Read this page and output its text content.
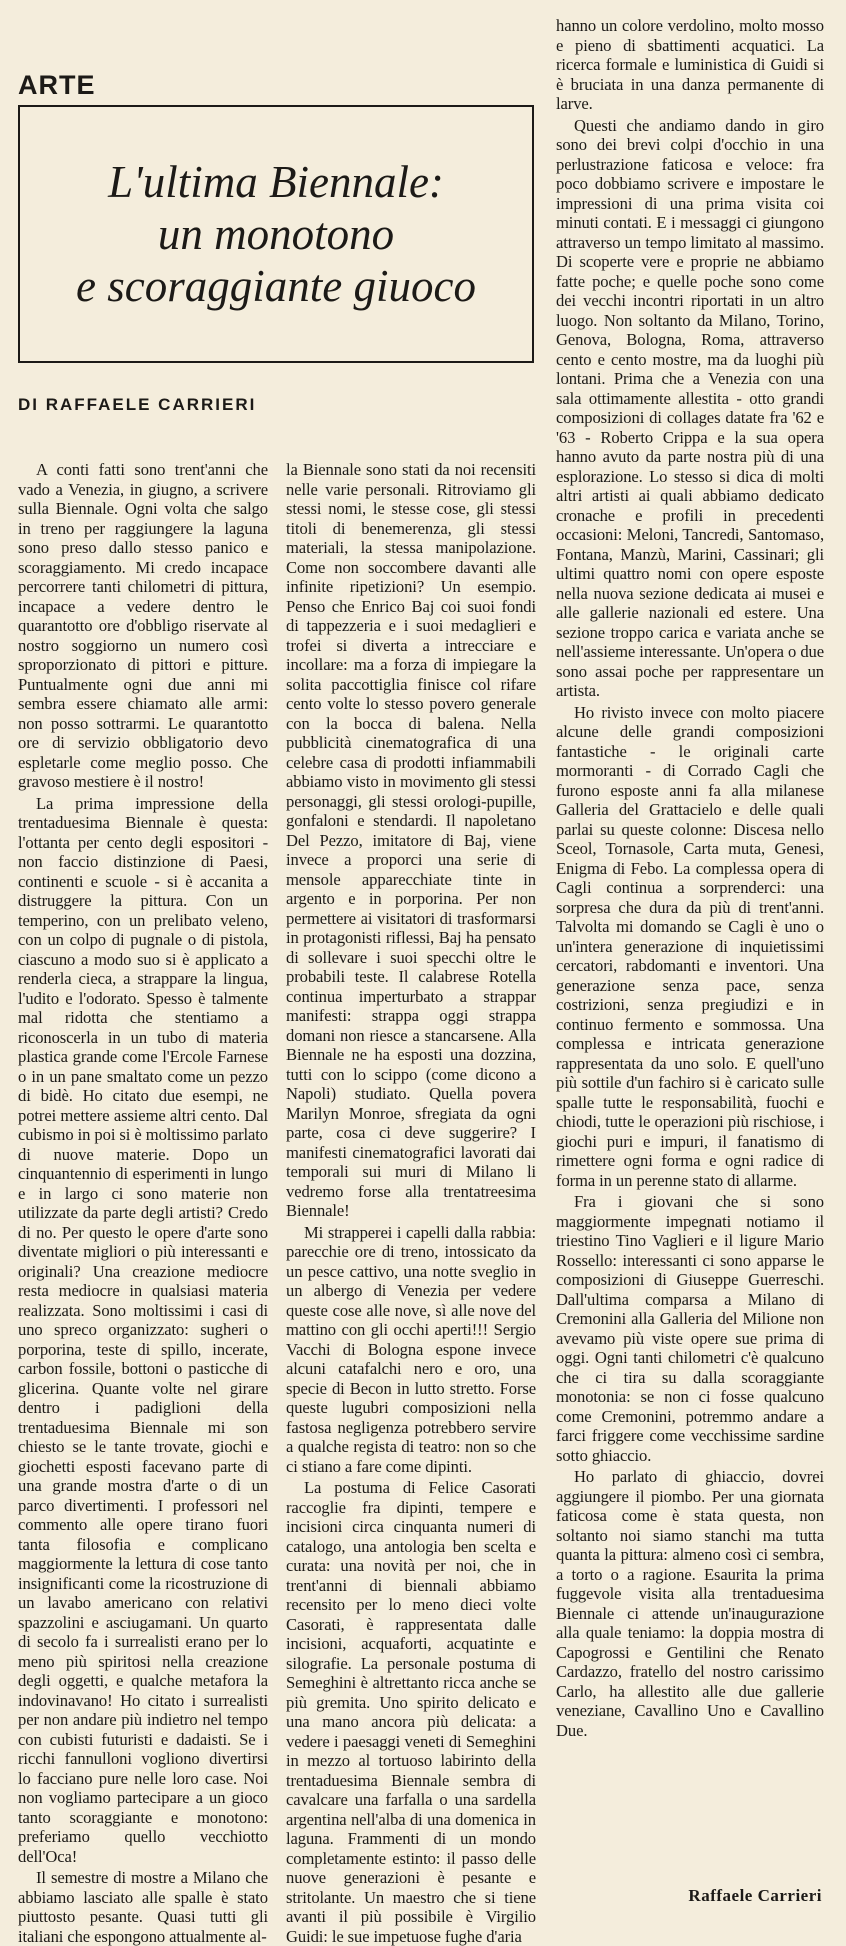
ARTE
L'ultima Biennale:
un monotono
e scoraggiante giuoco
DI RAFFAELE CARRIERI

A conti fatti sono trent'anni che vado a Venezia, in giugno, a scrivere sulla Biennale. Ogni volta che salgo in treno per raggiungere la laguna sono preso dallo stesso panico e scoraggiamento. Mi credo incapace percorrere tanti chilometri di pittura, incapace a vedere dentro le quarantotto ore d'obbligo riservate al nostro soggiorno un numero così sproporzionato di pittori e pitture. Puntualmente ogni due anni mi sembra essere chiamato alle armi: non posso sottrarmi. Le quarantotto ore di servizio obbligatorio devo espletarle come meglio posso. Che gravoso mestiere è il nostro!

La prima impressione della trentaduesima Biennale è questa: l'ottanta per cento degli espositori - non faccio distinzione di Paesi, continenti e scuole - si è accanita a distruggere la pittura. Con un temperino, con un prelibato veleno, con un colpo di pugnale o di pistola, ciascuno a modo suo si è applicato a renderla cieca, a strappare la lingua, l'udito e l'odorato. Spesso è talmente mal ridotta che stentiamo a riconoscerla in un tubo di materia plastica grande come l'Ercole Farnese o in un pane smaltato come un pezzo di bidè. Ho citato due esempi, ne potrei mettere assieme altri cento. Dal cubismo in poi si è moltissimo parlato di nuove materie. Dopo un cinquantennio di esperimenti in lungo e in largo ci sono materie non utilizzate da parte degli artisti? Credo di no. Per questo le opere d'arte sono diventate migliori o più interessanti e originali? Una creazione mediocre resta mediocre in qualsiasi materia realizzata. Sono moltissimi i casi di uno spreco organizzato: sugheri o porporina, teste di spillo, incerate, carbon fossile, bottoni o pasticche di glicerina. Quante volte nel girare dentro i padiglioni della trentaduesima Biennale mi son chiesto se le tante trovate, giochi e giochetti esposti facevano parte di una grande mostra d'arte o di un parco divertimenti. I professori nel commento alle opere tirano fuori tanta filosofia e complicano maggiormente la lettura di cose tanto insignificanti come la ricostruzione di un lavabo americano con relativi spazzolini e asciugamani. Un quarto di secolo fa i surrealisti erano per lo meno più spiritosi nella creazione degli oggetti, e qualche metafora la indovinavano! Ho citato i surrealisti per non andare più indietro nel tempo con cubisti futuristi e dadaisti. Se i ricchi fannulloni vogliono divertirsi lo facciano pure nelle loro case. Noi non vogliamo partecipare a un gioco tanto scoraggiante e monotono: preferiamo quello vecchiotto dell'Oca!

Il semestre di mostre a Milano che abbiamo lasciato alle spalle è stato piuttosto pesante. Quasi tutti gli italiani che espongono attualmente al-

la Biennale sono stati da noi recensiti nelle varie personali. Ritroviamo gli stessi nomi, le stesse cose, gli stessi titoli di benemerenza, gli stessi materiali, la stessa manipolazione. Come non soccombere davanti alle infinite ripetizioni? Un esempio. Penso che Enrico Baj coi suoi fondi di tappezzeria e i suoi medaglieri e trofei si diverta a intrecciare e incollare: ma a forza di impiegare la solita paccottiglia finisce col rifare cento volte lo stesso povero generale con la bocca di balena. Nella pubblicità cinematografica di una celebre casa di prodotti infiammabili abbiamo visto in movimento gli stessi personaggi, gli stessi orologi-pupille, gonfaloni e stendardi. Il napoletano Del Pezzo, imitatore di Baj, viene invece a proporci una serie di mensole apparecchiate tinte in argento e in porporina. Per non permettere ai visitatori di trasformarsi in protagonisti riflessi, Baj ha pensato di sollevare i suoi specchi oltre le probabili teste. Il calabrese Rotella continua imperturbato a strappar manifesti: strappa oggi strappa domani non riesce a stancarsene. Alla Biennale ne ha esposti una dozzina, tutti con lo scippo (come dicono a Napoli) studiato. Quella povera Marilyn Monroe, sfregiata da ogni parte, cosa ci deve suggerire? I manifesti cinematografici lavorati dai temporali sui muri di Milano li vedremo forse alla trentatreesima Biennale!

Mi strapperei i capelli dalla rabbia: parecchie ore di treno, intossicato da un pesce cattivo, una notte sveglio in un albergo di Venezia per vedere queste cose alle nove, sì alle nove del mattino con gli occhi aperti!!! Sergio Vacchi di Bologna espone invece alcuni catafalchi nero e oro, una specie di Becon in lutto stretto. Forse queste lugubri composizioni nella fastosa negligenza potrebbero servire a qualche regista di teatro: non so che ci stiano a fare come dipinti.

La postuma di Felice Casorati raccoglie fra dipinti, tempere e incisioni circa cinquanta numeri di catalogo, una antologia ben scelta e curata: una novità per noi, che in trent'anni di biennali abbiamo recensito per lo meno dieci volte Casorati, è rappresentata dalle incisioni, acquaforti, acquatinte e silografie. La personale postuma di Semeghini è altrettanto ricca anche se più gremita. Uno spirito delicato e una mano ancora più delicata: a vedere i paesaggi veneti di Semeghini in mezzo al tortuoso labirinto della trentaduesima Biennale sembra di cavalcare una farfalla o una sardella argentina nell'alba di una domenica in laguna. Frammenti di un mondo completamente estinto: il passo delle nuove generazioni è pesante e stritolante. Un maestro che si tiene avanti il più possibile è Virgilio Guidi: le sue impetuose fughe d'aria

hanno un colore verdolino, molto mosso e pieno di sbattimenti acquatici. La ricerca formale e luministica di Guidi si è bruciata in una danza permanente di larve.

Questi che andiamo dando in giro sono dei brevi colpi d'occhio in una perlustrazione faticosa e veloce: fra poco dobbiamo scrivere e impostare le impressioni di una prima visita coi minuti contati. E i messaggi ci giungono attraverso un tempo limitato al massimo. Di scoperte vere e proprie ne abbiamo fatte poche; e quelle poche sono come dei vecchi incontri riportati in un altro luogo. Non soltanto da Milano, Torino, Genova, Bologna, Roma, attraverso cento e cento mostre, ma da luoghi più lontani. Prima che a Venezia con una sala ottimamente allestita - otto grandi composizioni di collages datate fra '62 e '63 - Roberto Crippa e la sua opera hanno avuto da parte nostra più di una esplorazione. Lo stesso si dica di molti altri artisti ai quali abbiamo dedicato cronache e profili in precedenti occasioni: Meloni, Tancredi, Santomaso, Fontana, Manzù, Marini, Cassinari; gli ultimi quattro nomi con opere esposte nella nuova sezione dedicata ai musei e alle gallerie nazionali ed estere. Una sezione troppo carica e variata anche se nell'assieme interessante. Un'opera o due sono assai poche per rappresentare un artista.

Ho rivisto invece con molto piacere alcune delle grandi composizioni fantastiche - le originali carte mormoranti - di Corrado Cagli che furono esposte anni fa alla milanese Galleria del Grattacielo e delle quali parlai su queste colonne: Discesa nello Sceol, Tornasole, Carta muta, Genesi, Enigma di Febo. La complessa opera di Cagli continua a sorprenderci: una sorpresa che dura da più di trent'anni. Talvolta mi domando se Cagli è uno o un'intera generazione di inquietissimi cercatori, rabdomanti e inventori. Una generazione senza pace, senza costrizioni, senza pregiudizi e in continuo fermento e sommossa. Una complessa e intricata generazione rappresentata da uno solo. E quell'uno più sottile d'un fachiro si è caricato sulle spalle tutte le responsabilità, fuochi e chiodi, tutte le operazioni più rischiose, i giochi puri e impuri, il fanatismo di rimettere ogni forma e ogni radice di forma in un perenne stato di allarme.

Fra i giovani che si sono maggiormente impegnati notiamo il triestino Tino Vaglieri e il ligure Mario Rossello: interessanti ci sono apparse le composizioni di Giuseppe Guerreschi. Dall'ultima comparsa a Milano di Cremonini alla Galleria del Milione non avevamo più viste opere sue prima di oggi. Ogni tanti chilometri c'è qualcuno che ci tira su dalla scoraggiante monotonia: se non ci fosse qualcuno come Cremonini, potremmo andare a farci friggere come vecchissime sardine sotto ghiaccio.

Ho parlato di ghiaccio, dovrei aggiungere il piombo. Per una giornata faticosa come è stata questa, non soltanto noi siamo stanchi ma tutta quanta la pittura: almeno così ci sembra, a torto o a ragione. Esaurita la prima fuggevole visita alla trentaduesima Biennale ci attende un'inaugurazione alla quale teniamo: la doppia mostra di Capogrossi e Gentilini che Renato Cardazzo, fratello del nostro carissimo Carlo, ha allestito alle due gallerie veneziane, Cavallino Uno e Cavallino Due.

Raffaele Carrieri
